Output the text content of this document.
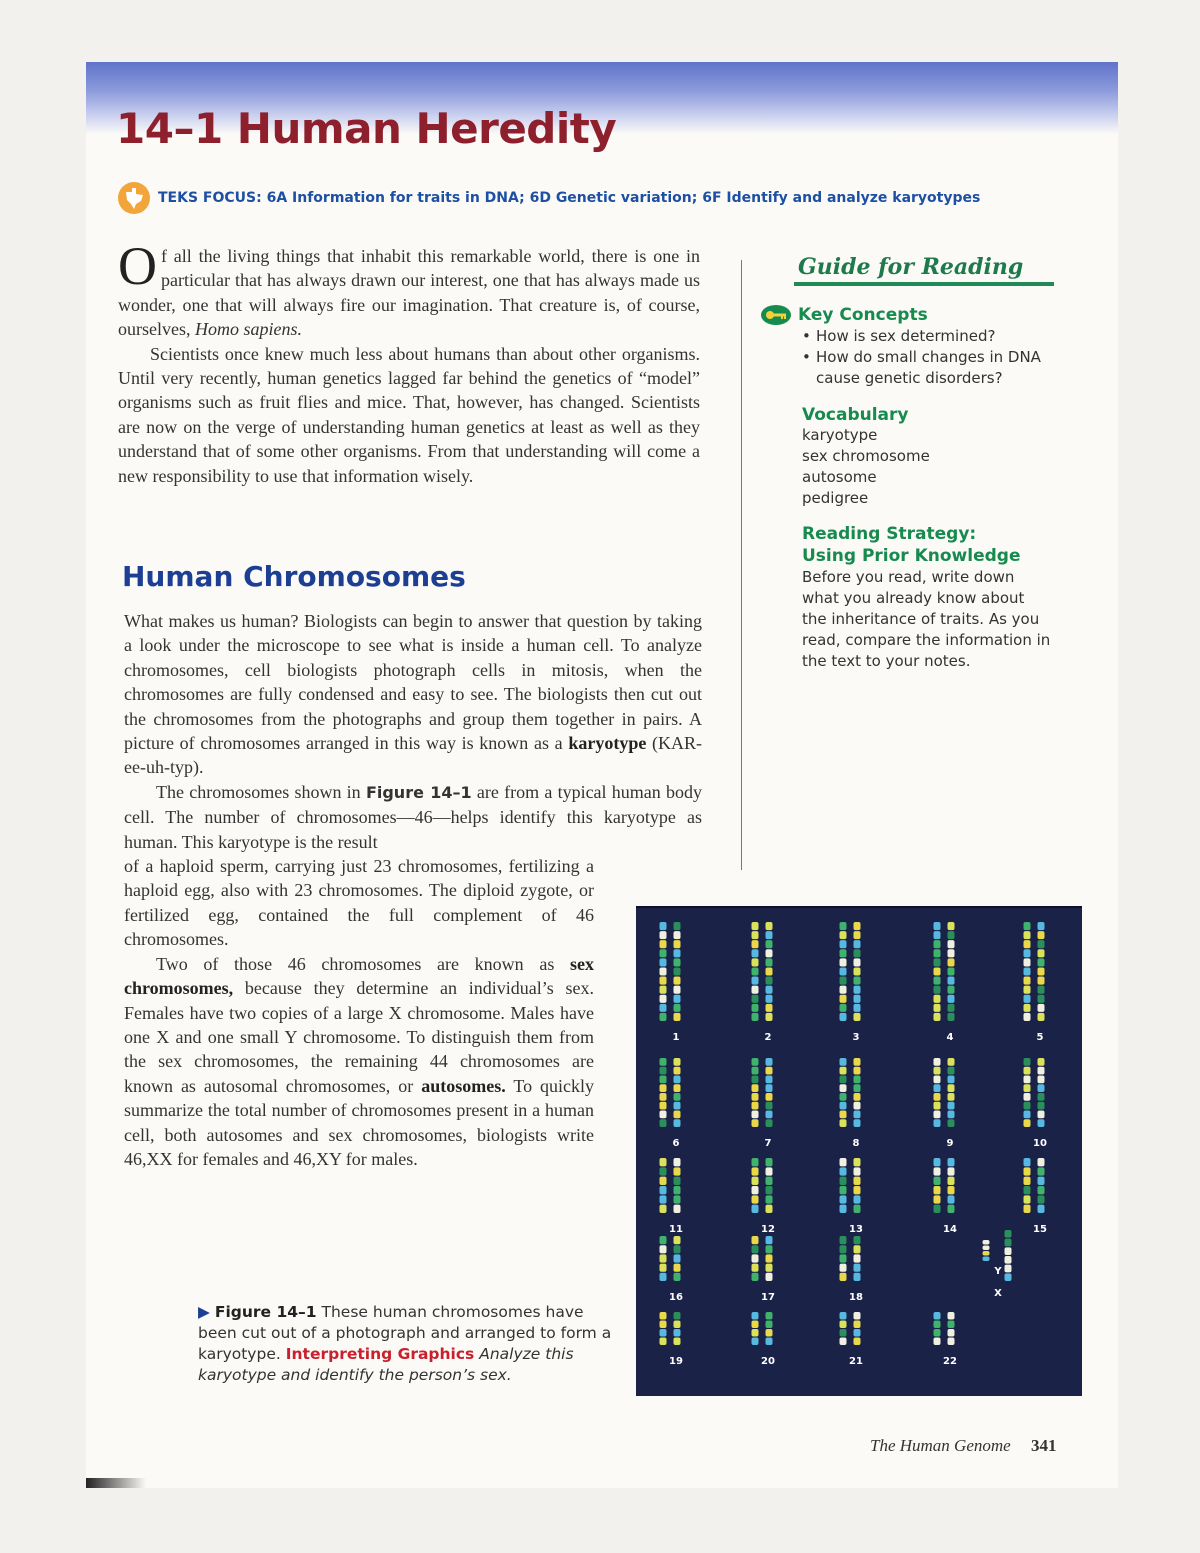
14–1 Human Heredity
TEKS FOCUS: 6A Information for traits in DNA; 6D Genetic variation; 6F Identify and analyze karyotypes

Of all the living things that inhabit this remarkable world, there is one in particular that has always drawn our interest, one that has always made us wonder, one that will always fire our imagination. That creature is, of course, ourselves, Homo sapiens.

Scientists once knew much less about humans than about other organisms. Until very recently, human genetics lagged far behind the genetics of “model” organisms such as fruit flies and mice. That, however, has changed. Scientists are now on the verge of understanding human genetics at least as well as they understand that of some other organisms. From that understanding will come a new responsibility to use that information wisely.

Human Chromosomes

What makes us human? Biologists can begin to answer that question by taking a look under the microscope to see what is inside a human cell. To analyze chromosomes, cell biologists photograph cells in mitosis, when the chromosomes are fully condensed and easy to see. The biologists then cut out the chromosomes from the photographs and group them together in pairs. A picture of chromosomes arranged in this way is known as a karyotype (KAR-ee-uh-typ).

The chromosomes shown in Figure 14–1 are from a typical human body cell. The number of chromosomes—46—helps identify this karyotype as human. This karyotype is the result

of a haploid sperm, carrying just 23 chromosomes, fertilizing a haploid egg, also with 23 chromosomes. The diploid zygote, or fertilized egg, contained the full complement of 46 chromosomes.

Two of those 46 chromosomes are known as sex chromosomes, because they determine an individual’s sex. Females have two copies of a large X chromosome. Males have one X and one small Y chromosome. To distinguish them from the sex chromosomes, the remaining 44 chromosomes are known as autosomal chromosomes, or autosomes. To quickly summarize the total number of chromosomes present in a human cell, both autosomes and sex chromosomes, biologists write 46,XX for females and 46,XY for males.

Guide for Reading
Key Concepts
• How is sex determined?
• How do small changes in DNA cause genetic disorders?
Vocabulary
karyotype
sex chromosome
autosome
pedigree
Reading Strategy:
Using Prior Knowledge

Before you read, write down what you already know about the inheritance of traits. As you read, compare the information in the text to your notes.

1	2	3	4	5
6	7	8	9	10
11	12	13	14	15
16	17	18
Y
X
19	20	21	22
▶ Figure 14–1 These human chromosomes have been cut out of a photograph and arranged to form a karyotype. Interpreting Graphics Analyze this karyotype and identify the person’s sex.
The Human Genome 341
